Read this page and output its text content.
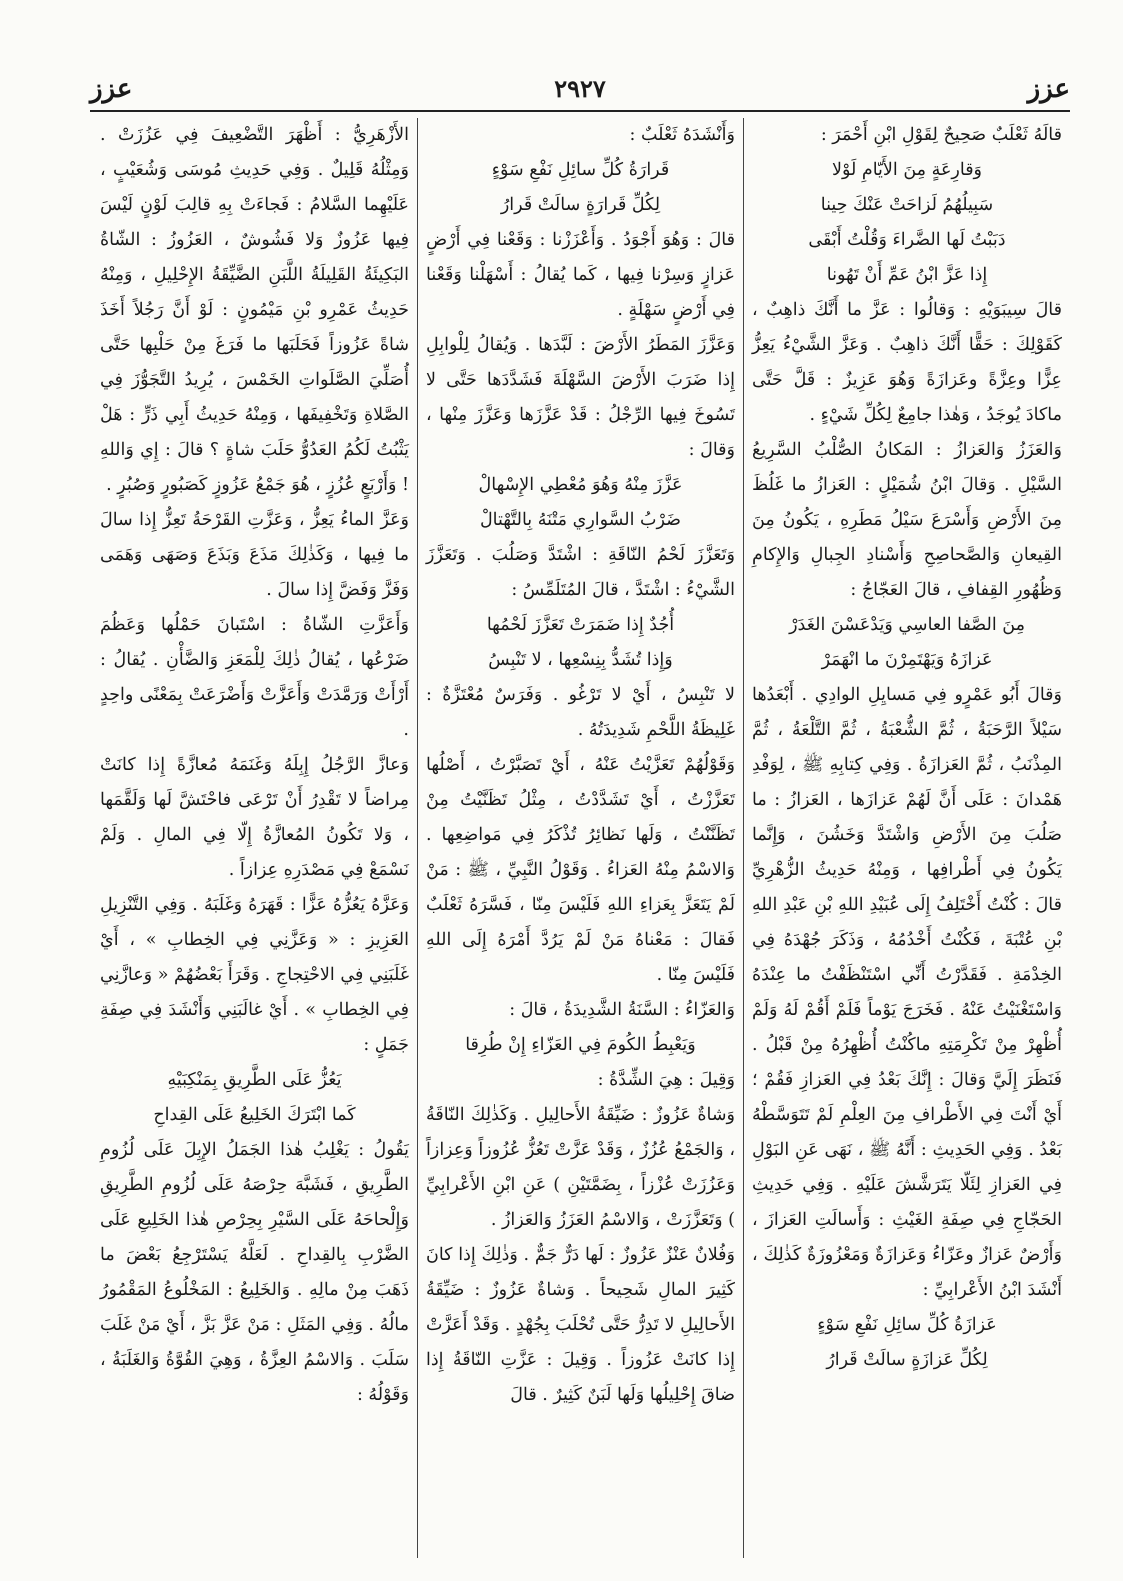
عزز
٢٩٢٧
عزز

قالَهُ ثَعْلَبٌ صَحِيحٌ لِقَوْلِ ابْنِ أَحْمَرَ :

وَقارِعَةٍ مِنَ الأَيّامِ لَوْلا

سَبِيلُهُمُ لَزاحَتْ عَنْكَ حِينا

دَبَبْتُ لَها الضَّراءَ وَقُلْتُ أَبْقَى

إِذا عَزَّ ابْنُ عَمِّ أَنْ تَهُونا

قالَ سِيبَوَيْهِ : وَقالُوا : عَزَّ ما أَنَّكَ ذاهِبٌ ، كَقَوْلِكَ : حَقًّا أَنَّكَ ذاهِبٌ . وَعَزَّ الشَّيْءُ يَعِزُّ عِزًّا وعِزَّةً وعَزازَةً وَهُوَ عَزِيزٌ : قَلَّ حَتَّى ماكادَ يُوجَدُ ، وَهٰذا جامِعٌ لِكُلِّ شَيْءٍ .

وَالعَزَزُ وَالعَزازُ : المَكانُ الصُّلْبُ السَّرِيعُ السَّيْلِ . وَقالَ ابْنُ شُمَيْلٍ : العَزازُ ما غَلُظَ مِنَ الأَرْضِ وَأَسْرَعَ سَيْلُ مَطَرِهِ ، يَكُونُ مِنَ القِيعانِ وَالصَّحاصِحِ وَأَسْنادِ الجِبالِ وَالإِكامِ وَظُهُورِ القِفافِ ، قالَ العَجّاجُ :

مِنَ الصَّفا العاسِي وَيَدْعَسْنَ الغَدَرْ

عَزازَهُ وَيَهْتَمِرْنَ ما انْهَمَرْ

وَقالَ أَبُو عَمْرٍو فِي مَسايِلِ الوادِي . أَبْعَدُها سَيْلاً الرَّحَبَةُ ، ثُمَّ الشُّعْبَةُ ، ثُمَّ التَّلْعَةُ ، ثُمَّ المِذْنَبُ ، ثُمَّ العَزازَةُ . وَفِي كِتابِهِ ﷺ ، لِوَفْدِ هَمْدانَ : عَلَى أَنَّ لَهُمْ عَزازَها ، العَزازُ : ما صَلُبَ مِنَ الأَرْضِ وَاشْتَدَّ وَخَشُنَ ، وَإِنَّما يَكُونُ فِي أَطْرافِها ، وَمِنْهُ حَدِيثُ الزُّهْرِيِّ قالَ : كُنْتُ أَخْتَلِفُ إِلَى عُبَيْدِ اللهِ بْنِ عَبْدِ اللهِ بْنِ عُتْبَةَ ، فَكُنْتُ أَخْدُمُهُ ، وَذَكَرَ جُهْدَهُ فِي الخِدْمَةِ . فَقَدَّرْتُ أَنِّي اسْتَنْظَفْتُ ما عِنْدَهُ وَاسْتَغْنَيْتُ عَنْهُ . فَخَرَجَ يَوْماً فَلَمْ أَقُمْ لَهُ وَلَمْ أُظْهِرْ مِنْ تَكْرِمَتِهِ ماكُنْتُ أُظْهِرُهُ مِنْ قَبْلُ . فَنَظَرَ إِلَيَّ وَقالَ : إِنَّكَ بَعْدُ فِي العَزازِ فَقُمْ ؛ أَيْ أَنْتَ فِي الأَطْرافِ مِنَ العِلْمِ لَمْ تَتَوَسَّطْهُ بَعْدُ . وَفِي الحَدِيثِ : أَنَّهُ ﷺ ، نَهَى عَنِ البَوْلِ فِي العَزازِ لِئَلّا يَتَرَشَّشَ عَلَيْهِ . وَفِي حَدِيثِ الحَجّاجِ فِي صِفَةِ الغَيْثِ : وَأَسالَتِ العَزازَ ، وَأَرْضٌ عَزازٌ وعَزّاءُ وَعَزازَةٌ وَمَعْزُوزَةٌ كَذٰلِكَ ، أَنْشَدَ ابْنُ الأَعْرابِيِّ :

عَزازَةُ كُلِّ سائِلِ نَفْعِ سَوْءٍ

لِكُلِّ عَزازَةٍ سالَتْ قَرارُ

وَأَنْشَدَهُ ثَعْلَبٌ :

قَرارَةُ كُلِّ سائِلِ نَفْعِ سَوْءٍ

لِكُلِّ قَرارَةٍ سالَتْ قَرارُ

قالَ : وَهُوَ أَجْوَدُ . وَأَعْزَزْنا : وَقَعْنا فِي أَرْضٍ عَزازٍ وَسِرْنا فِيها ، كَما يُقالُ : أَسْهَلْنا وَقَعْنا فِي أَرْضٍ سَهْلَةٍ .

وَعَزَّزَ المَطَرُ الأَرْضَ : لَبَّدَها . وَيُقالُ لِلْوابِلِ إِذا ضَرَبَ الأَرْضَ السَّهْلَةَ فَشَدَّدَها حَتَّى لا تَسُوخَ فِيها الرِّجْلُ : قَدْ عَزَّزَها وَعَزَّزَ مِنْها ، وَقالَ :

عَزَّزَ مِنْهُ وَهُوَ مُعْطِي الإِسْهالْ

ضَرْبُ السَّوارِي مَتْنَهُ بِالتَّهْتالْ

وَتَعَزَّزَ لَحْمُ النّاقَةِ : اشْتَدَّ وَصَلُبَ . وَتَعَزَّزَ الشَّيْءُ : اشْتَدَّ ، قالَ المُتَلَمِّسُ :

أُجُدٌ إِذا ضَمَرَتْ تَعَزَّزَ لَحْمُها

وَإِذا تُشَدُّ بِنِسْعِها ، لا تَنْبِسُ

لا تَنْبِسُ ، أَيْ لا تَرْغُو . وَفَرَسٌ مُعْتَزَّةٌ : غَلِيظَةُ اللَّحْمِ شَدِيدَتُهُ .

وَقَوْلُهُمْ تَعَزَّيْتُ عَنْهُ ، أَيْ تَصَبَّرْتُ ، أَصْلُها تَعَزَّزْتُ ، أَيْ تَشَدَّدْتُ ، مِثْلُ تَظَنَّيْتُ مِنْ تَظَنَّنْتُ ، وَلَها نَظائِرُ تُذْكَرُ فِي مَواضِعِها . وَالاسْمُ مِنْهُ العَزاءُ . وَقَوْلُ النَّبِيِّ ، ﷺ : مَنْ لَمْ يَتَعَزَّ بِعَزاءِ اللهِ فَلَيْسَ مِنّا ، فَسَّرَهُ ثَعْلَبٌ فَقالَ : مَعْناهُ مَنْ لَمْ يَرُدَّ أَمْرَهُ إِلَى اللهِ فَلَيْسَ مِنّا .

وَالعَزّاءُ : السَّنَةُ الشَّدِيدَةُ ، قالَ :

وَيَعْبِطُ الكُومَ فِي العَزّاءِ إِنْ طُرِقا

وَقِيلَ : هِيَ الشِّدَّةُ :

وَشاةٌ عَزُوزٌ : ضَيِّقَةُ الأَحالِيلِ . وَكَذٰلِكَ النّاقَةُ ، وَالجَمْعُ عُزُزٌ ، وَقَدْ عَزَّتْ تَعُزُّ عُزُوزاً وَعِزازاً وَعَزُزَتْ عُزْزاً ، بِضَمَّتَيْنِ ) عَنِ ابْنِ الأَعْرابِيِّ ) وَتَعَزَّزَتْ ، وَالاسْمُ العَزَزُ وَالعَزازُ .

وَفُلانٌ عَنْزٌ عَزُوزٌ : لَها دَرٌّ جَمٌّ . وَذٰلِكَ إِذا كانَ كَثِيرَ المالِ شَحِيحاً . وَشاةٌ عَزُوزٌ : ضَيِّقَةُ الأَحالِيلِ لا تَدِرُّ حَتَّى تُحْلَبَ بِجُهْدٍ . وَقَدْ أَعَزَّتْ إِذا كانَتْ عَزُوزاً . وَقِيلَ : عَزَّتِ النّاقَةُ إِذا ضاقَ إِحْلِيلُها وَلَها لَبَنٌ كَثِيرٌ . قالَ

الأَزْهَرِيُّ : أَظْهَرَ التَّضْعِيفَ فِي عَزُزَتْ . وَمِثْلُهُ قَلِيلٌ . وَفِي حَدِيثِ مُوسَى وَشُعَيْبٍ ، عَلَيْهِما السَّلامُ : فَجاءَتْ بِهِ قالِبَ لَوْنٍ لَيْسَ فِيها عَزُوزٌ وَلا فَشُوشٌ ، العَزُوزُ : الشّاةُ البَكِيئَةُ القَلِيلَةُ اللَّبَنِ الضَّيِّقَةُ الإِحْلِيلِ ، وَمِنْهُ حَدِيثُ عَمْرِو بْنِ مَيْمُونٍ : لَوْ أَنَّ رَجُلاً أَخَذَ شاةً عَزُوزاً فَحَلَبَها ما فَرَغَ مِنْ حَلْبِها حَتَّى أُصَلِّيَ الصَّلَواتِ الخَمْسَ ، يُرِيدُ التَّجَوُّزَ فِي الصَّلاةِ وَتَخْفِيفَها ، وَمِنْهُ حَدِيثُ أَبِي ذَرٍّ : هَلْ يَثْبُتُ لَكُمُ العَدُوُّ حَلَبَ شاةٍ ؟ قالَ : إِي وَاللهِ ! وَأَرْبَعٍ عُزُزٍ ، هُوَ جَمْعُ عَزُوزٍ كَصَبُورٍ وَصُبُرٍ .

وَعَزَّ الماءُ يَعِزُّ ، وَعَزَّتِ القَرْحَةُ تَعِزُّ إِذا سالَ ما فِيها ، وَكَذٰلِكَ مَذَعَ وَبَذَعَ وَصَهَى وَهَمَى وَفَزَّ وَفَضَّ إِذا سالَ .

وَأَعَزَّتِ الشّاةُ : اسْتَبانَ حَمْلُها وَعَظُمَ ضَرْعُها ، يُقالُ ذٰلِكَ لِلْمَعَزِ وَالضَّأْنِ . يُقالُ : أَرْأَتْ وَرَمَّدَتْ وَأَعَزَّتْ وَأَضْرَعَتْ بِمَعْنًى واحِدٍ .

وَعازَّ الرَّجُلُ إِبِلَهُ وَغَنَمَهُ مُعازَّةً إِذا كانَتْ مِراضاً لا تَقْدِرُ أَنْ تَرْعَى فاحْتَشَّ لَها وَلَقَّمَها ، وَلا تَكُونُ المُعازَّةُ إِلّا فِي المالِ . وَلَمْ نَسْمَعْ فِي مَصْدَرِهِ عِزازاً .

وَعَزَّهُ يَعُزُّهُ عَزًّا : قَهَرَهُ وَغَلَبَهُ . وَفِي التَّنْزِيلِ العَزِيزِ : « وَعَزَّنِي فِي الخِطابِ » ، أَيْ غَلَبَنِي فِي الاحْتِجاجِ . وَقَرَأَ بَعْضُهُمْ « وَعازَّنِي فِي الخِطابِ » . أَيْ غالَبَنِي وَأَنْشَدَ فِي صِفَةِ جَمَلٍ :

يَعُزُّ عَلَى الطَّرِيقِ بِمَنْكِبَيْهِ

كَما ابْتَرَكَ الخَلِيعُ عَلَى القِداحِ

يَقُولُ : يَغْلِبُ هٰذا الجَمَلُ الإِبِلَ عَلَى لُزُومِ الطَّرِيقِ ، فَشَبَّهَ حِرْصَهُ عَلَى لُزُومِ الطَّرِيقِ وَإِلْحاحَهُ عَلَى السَّيْرِ بِحِرْصِ هٰذا الخَلِيعِ عَلَى الضَّرْبِ بِالقِداحِ . لَعَلَّهُ يَسْتَرْجِعُ بَعْضَ ما ذَهَبَ مِنْ مالِهِ . وَالخَلِيعُ : المَخْلُوعُ المَقْمُورُ مالُهُ . وَفِي المَثَلِ : مَنْ عَزَّ بَزَّ ، أَيْ مَنْ غَلَبَ سَلَبَ . وَالاسْمُ العِزَّةُ ، وَهِيَ القُوَّةُ وَالغَلَبَةُ ، وَقَوْلُهُ :
